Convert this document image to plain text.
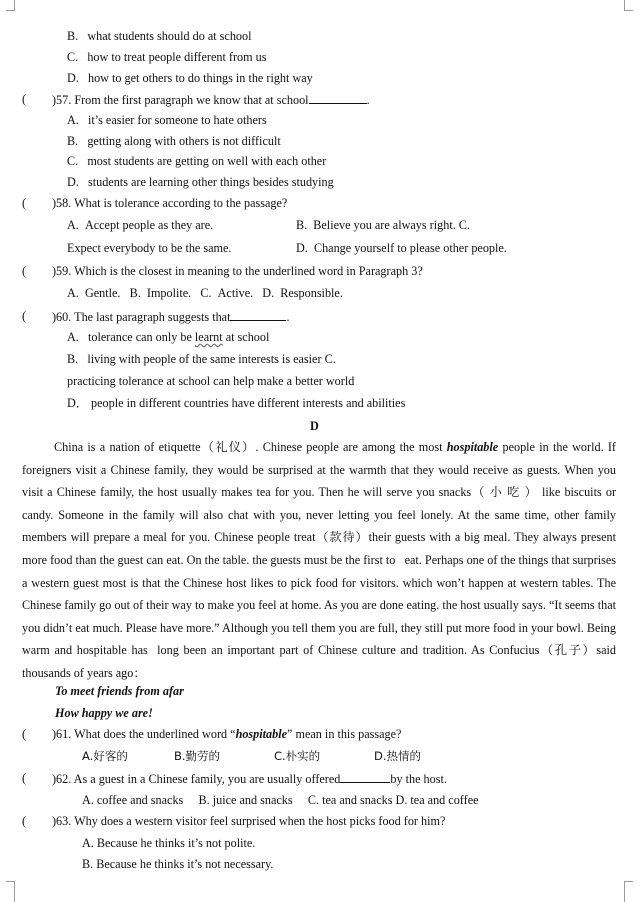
B.   what students should do at school
C.   how to treat people different from us
D.   how to get others to do things in the right way
( )57. From the first paragraph we know that at school	.
A.   it’s easier for someone to hate others
B.   getting along with others is not difficult
C.   most students are getting on well with each other
D.   students are learning other things besides studying
( )58. What is tolerance according to the passage?
A.  Accept people as they are.	B.  Believe you are always right. C.
Expect everybody to be the same.	D.  Change yourself to please other people.
( )59. Which is the closest in meaning to the underlined word in Paragraph 3?
A.  Gentle.   B.  Impolite.   C.  Active.   D.  Responsible.
( )60. The last paragraph suggests that	.
A.   tolerance can only be learnt at school
B.   living with people of the same interests is easier C.
practicing tolerance at school can help make a better world
D． people in different countries have different interests and abilities
D
China is a nation of etiquette（礼仪）. Chinese people are among the most hospitable people in the world. If foreigners visit a Chinese family, they would be surprised at the warmth that they would receive as guests. When you visit a Chinese family, the host usually makes tea for you. Then he will serve you snacks（ 小 吃 ） like biscuits or candy. Someone in the family will also chat with you, never letting you feel lonely. At the same time, other family members will prepare a meal for you. Chinese people treat（款待）their guests with a big meal. They always present more food than the guest can eat. On the table. the guests must be the first to   eat. Perhaps one of the things that surprises a western guest most is that the Chinese host likes to pick food for visitors. which won’t happen at western tables. The Chinese family go out of their way to make you feel at home. As you are done eating. the host usually says. “It seems that you didn’t eat much. Please have more.” Although you tell them you are full, they still put more food in your bowl. Being warm and hospitable has  long been an important part of Chinese culture and tradition. As Confucius（孔子）said thousands of years ago：
To meet friends from afar
How happy we are!
( )61. What does the underlined word “hospitable” mean in this passage?
A.好客的	B.勤劳的	C.朴实的	D.热情的
( )62. As a guest in a Chinese family, you are usually offered	by the host.
A. coffee and snacks     B. juice and snacks     C. tea and snacks D. tea and coffee
( )63. Why does a western visitor feel surprised when the host picks food for him?
A. Because he thinks it’s not polite.
B. Because he thinks it’s not necessary.
